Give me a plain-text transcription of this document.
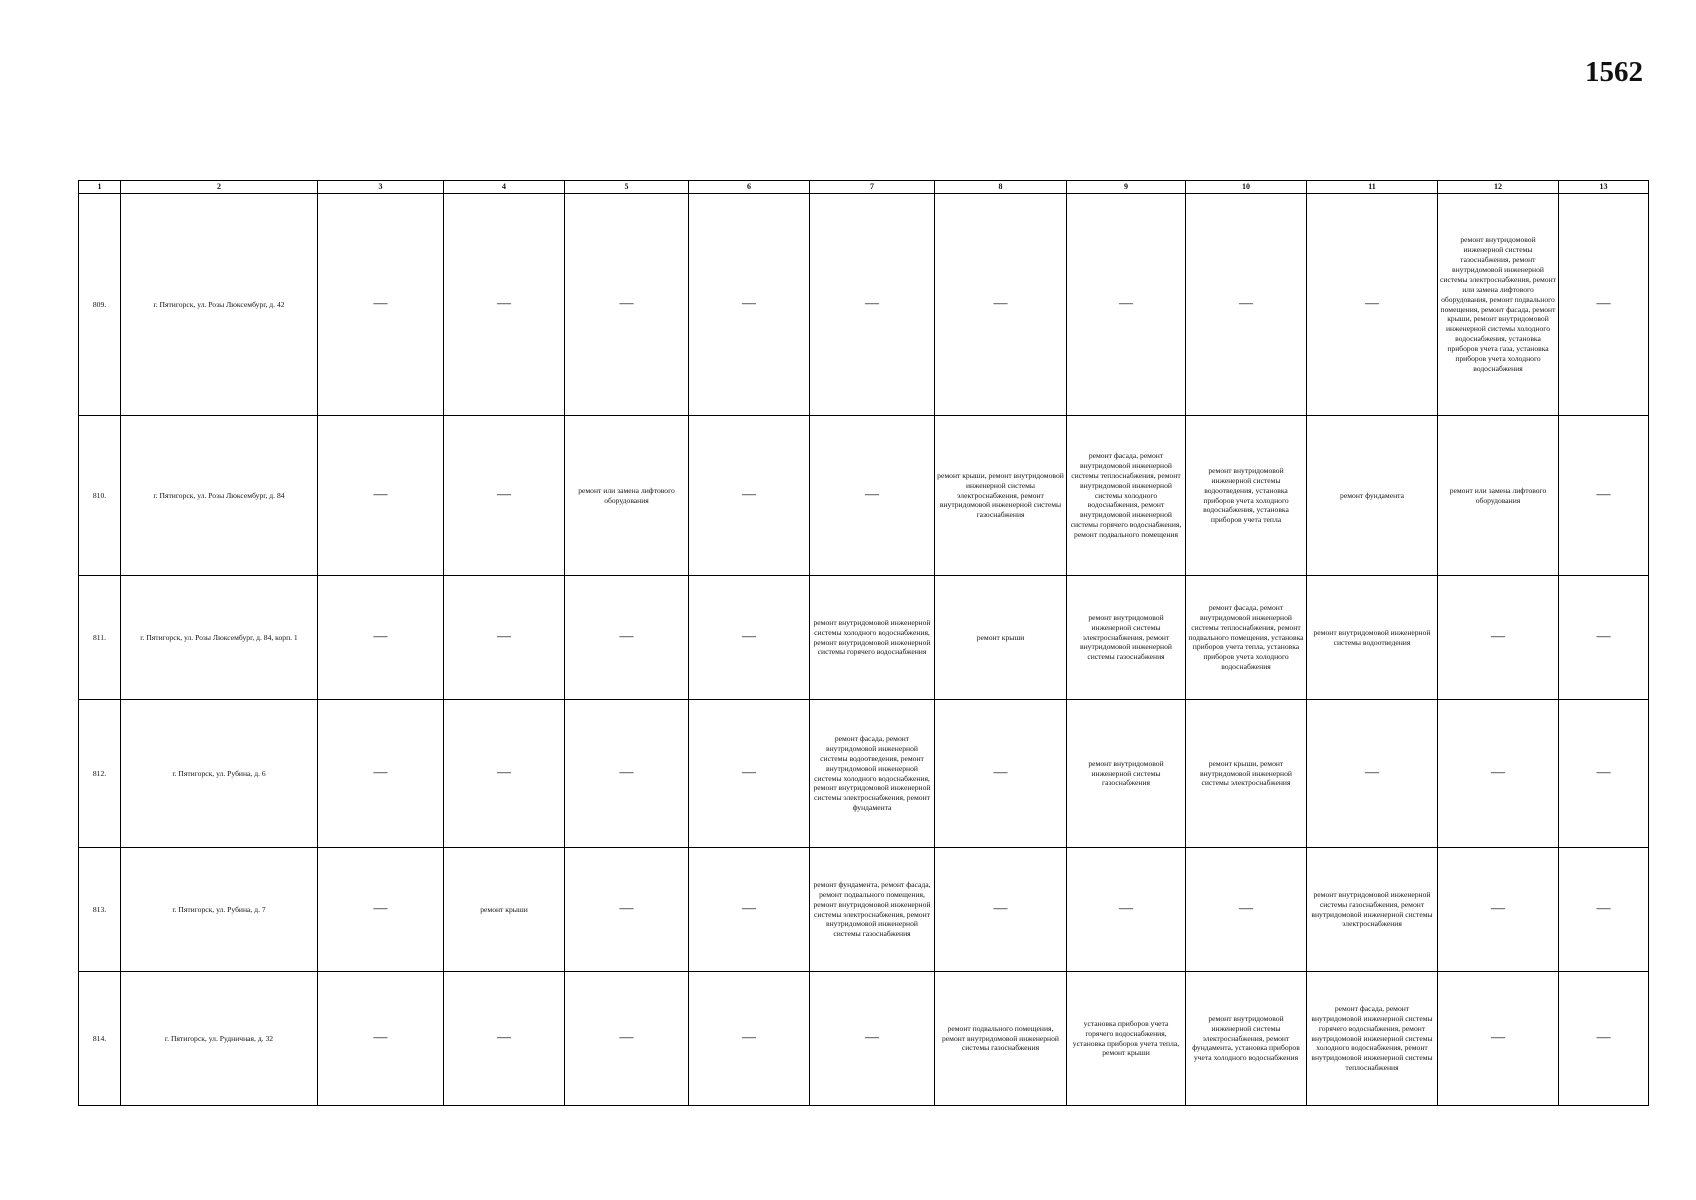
1562
1	2	3	4	5	6	7	8	9	10	11	12	13
809.	г. Пятигорск, ул. Розы Люксембург, д. 42	—	—	—	—	—	—	—	—	—	ремонт внутридомовой инженерной системы газоснабжения, ремонт внутридомовой инженерной системы электроснабжения, ремонт или замена лифтового оборудования, ремонт подвального помещения, ремонт фасада, ремонт крыши, ремонт внутридомовой инженерной системы холодного водоснабжения, установка приборов учета газа, установка приборов учета холодного водоснабжения	—
810.	г. Пятигорск, ул. Розы Люксембург, д. 84	—	—	ремонт или замена лифтового оборудования	—	—	ремонт крыши, ремонт внутридомовой инженерной системы электроснабжения, ремонт внутридомовой инженерной системы газоснабжения	ремонт фасада, ремонт внутридомовой инженерной системы теплоснабжения, ремонт внутридомовой инженерной системы холодного водоснабжения, ремонт внутридомовой инженерной системы горячего водоснабжения, ремонт подвального помещения	ремонт внутридомовой инженерной системы водоотведения, установка приборов учета холодного водоснабжения, установка приборов учета тепла	ремонт фундамента	ремонт или замена лифтового оборудования	—
811.	г. Пятигорск, ул. Розы Люксембург, д. 84, корп. 1	—	—	—	—	ремонт внутридомовой инженерной системы холодного водоснабжения, ремонт внутридомовой инженерной системы горячего водоснабжения	ремонт крыши	ремонт внутридомовой инженерной системы электроснабжения, ремонт внутридомовой инженерной системы газоснабжения	ремонт фасада, ремонт внутридомовой инженерной системы теплоснабжения, ремонт подвального помещения, установка приборов учета тепла, установка приборов учета холодного водоснабжения	ремонт внутридомовой инженерной системы водоотведения	—	—
812.	г. Пятигорск, ул. Рубина, д. 6	—	—	—	—	ремонт фасада, ремонт внутридомовой инженерной системы водоотведения, ремонт внутридомовой инженерной системы холодного водоснабжения, ремонт внутридомовой инженерной системы электроснабжения, ремонт фундамента	—	ремонт внутридомовой инженерной системы газоснабжения	ремонт крыши, ремонт внутридомовой инженерной системы электроснабжения	—	—	—
813.	г. Пятигорск, ул. Рубина, д. 7	—	ремонт крыши	—	—	ремонт фундамента, ремонт фасада, ремонт подвального помещения, ремонт внутридомовой инженерной системы электроснабжения, ремонт внутридомовой инженерной системы газоснабжения	—	—	—	ремонт внутридомовой инженерной системы газоснабжения, ремонт внутридомовой инженерной системы электроснабжения	—	—
814.	г. Пятигорск, ул. Рудничная, д. 32	—	—	—	—	—	ремонт подвального помещения, ремонт внутридомовой инженерной системы газоснабжения	установка приборов учета горячего водоснабжения, установка приборов учета тепла, ремонт крыши	ремонт внутридомовой инженерной системы электроснабжения, ремонт фундамента, установка приборов учета холодного водоснабжения	ремонт фасада, ремонт внутридомовой инженерной системы горячего водоснабжения, ремонт внутридомовой инженерной системы холодного водоснабжения, ремонт внутридомовой инженерной системы теплоснабжения	—	—
